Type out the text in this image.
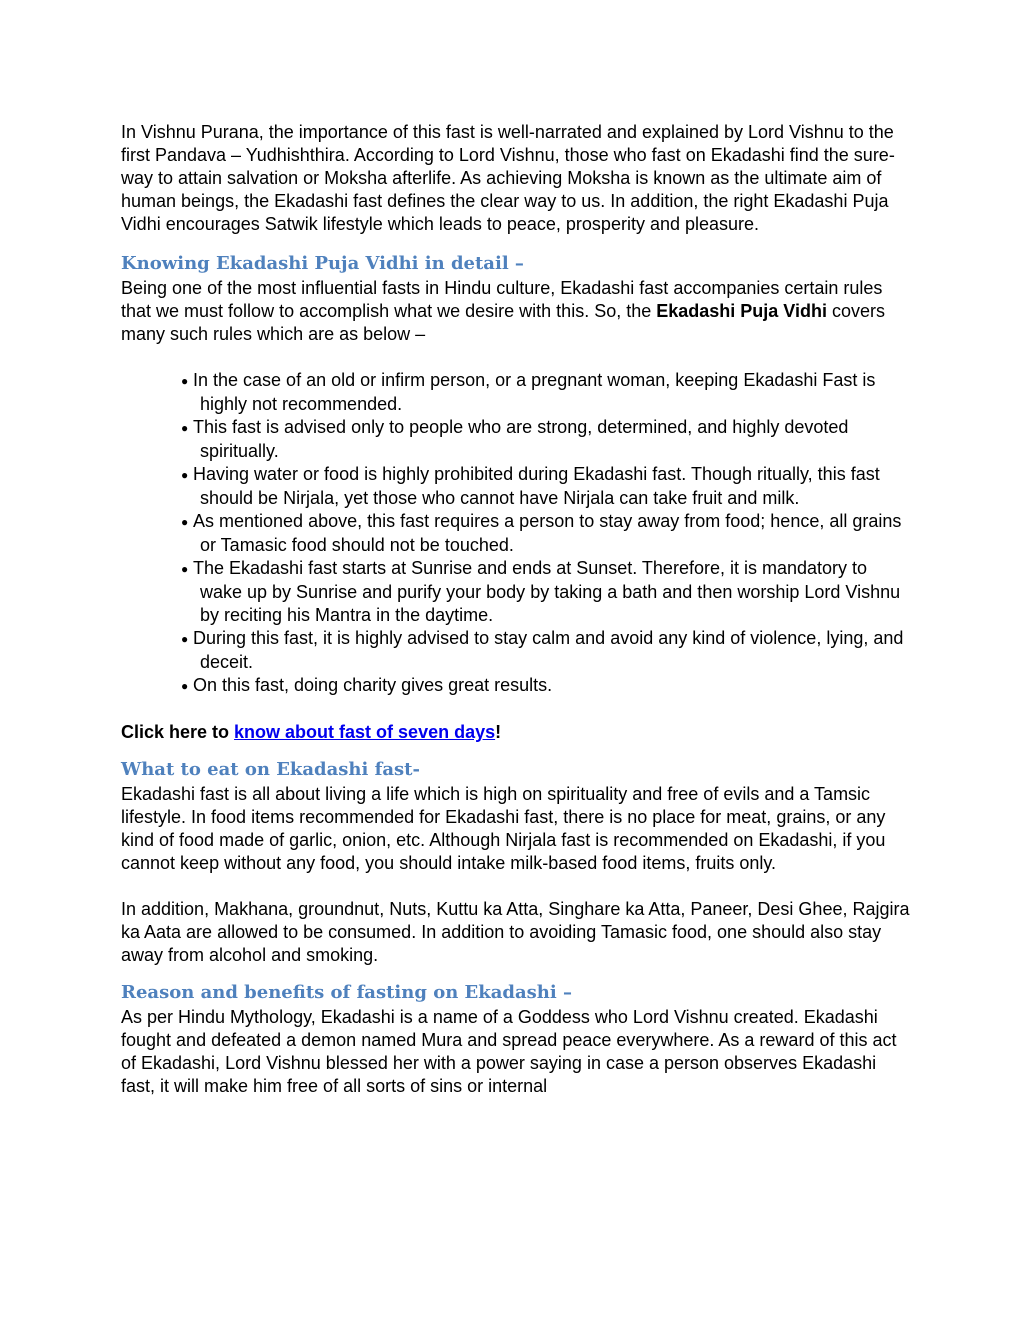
In Vishnu Purana, the importance of this fast is well-narrated and explained by Lord Vishnu to the first Pandava – Yudhishthira. According to Lord Vishnu, those who fast on Ekadashi find the sure-way to attain salvation or Moksha afterlife. As achieving Moksha is known as the ultimate aim of human beings, the Ekadashi fast defines the clear way to us. In addition, the right Ekadashi Puja Vidhi encourages Satwik lifestyle which leads to peace, prosperity and pleasure.

Knowing Ekadashi Puja Vidhi in detail –

Being one of the most influential fasts in Hindu culture, Ekadashi fast accompanies certain rules that we must follow to accomplish what we desire with this. So, the Ekadashi Puja Vidhi covers many such rules which are as below –

● In the case of an old or infirm person, or a pregnant woman, keeping Ekadashi Fast is highly not recommended.
● This fast is advised only to people who are strong, determined, and highly devoted spiritually.
● Having water or food is highly prohibited during Ekadashi fast. Though ritually, this fast should be Nirjala, yet those who cannot have Nirjala can take fruit and milk.
● As mentioned above, this fast requires a person to stay away from food; hence, all grains or Tamasic food should not be touched.
● The Ekadashi fast starts at Sunrise and ends at Sunset. Therefore, it is mandatory to wake up by Sunrise and purify your body by taking a bath and then worship Lord Vishnu by reciting his Mantra in the daytime.
● During this fast, it is highly advised to stay calm and avoid any kind of violence, lying, and deceit.
● On this fast, doing charity gives great results.

Click here to know about fast of seven days!

What to eat on Ekadashi fast-

Ekadashi fast is all about living a life which is high on spirituality and free of evils and a Tamsic lifestyle. In food items recommended for Ekadashi fast, there is no place for meat, grains, or any kind of food made of garlic, onion, etc. Although Nirjala fast is recommended on Ekadashi, if you cannot keep without any food, you should intake milk-based food items, fruits only.

In addition, Makhana, groundnut, Nuts, Kuttu ka Atta, Singhare ka Atta, Paneer, Desi Ghee, Rajgira ka Aata are allowed to be consumed. In addition to avoiding Tamasic food, one should also stay away from alcohol and smoking.

Reason and benefits of fasting on Ekadashi –

As per Hindu Mythology, Ekadashi is a name of a Goddess who Lord Vishnu created. Ekadashi fought and defeated a demon named Mura and spread peace everywhere. As a reward of this act of Ekadashi, Lord Vishnu blessed her with a power saying in case a person observes Ekadashi fast, it will make him free of all sorts of sins or internal
